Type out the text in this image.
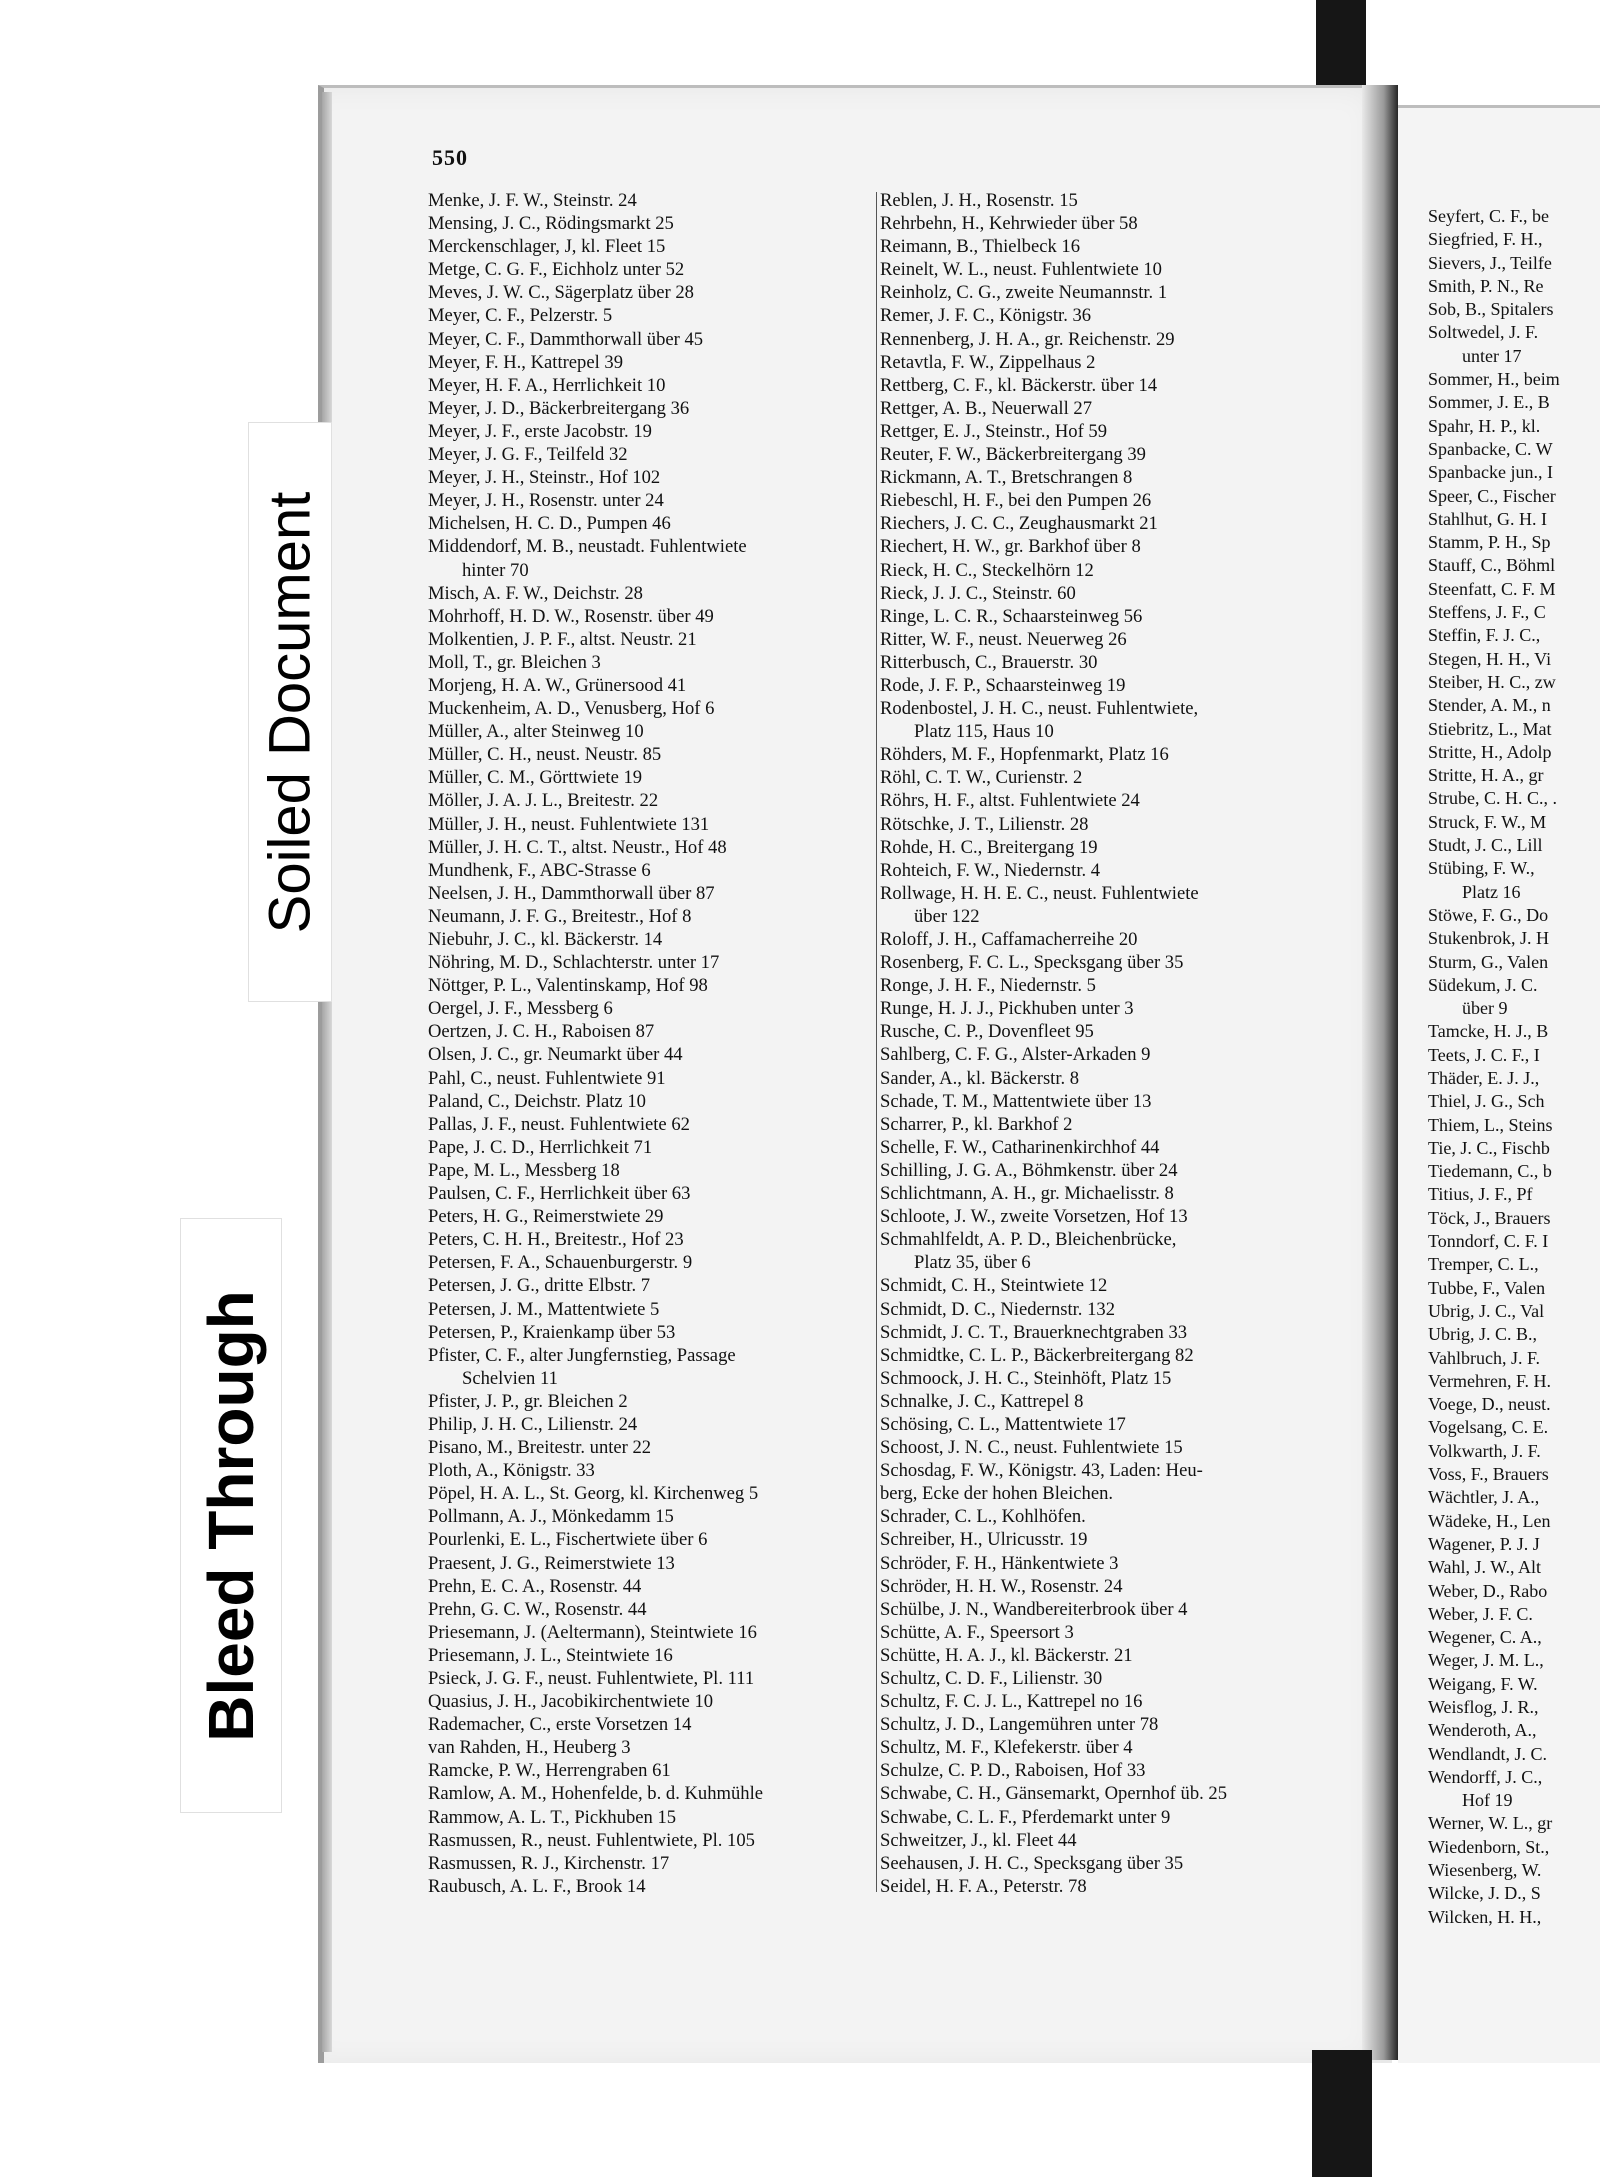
550
Menke, J. F. W., Steinstr. 24
Mensing, J. C., Rödingsmarkt 25
Merckenschlager, J, kl. Fleet 15
Metge, C. G. F., Eichholz unter 52
Meves, J. W. C., Sägerplatz über 28
Meyer, C. F., Pelzerstr. 5
Meyer, C. F., Dammthorwall über 45
Meyer, F. H., Kattrepel 39
Meyer, H. F. A., Herrlichkeit 10
Meyer, J. D., Bäckerbreitergang 36
Meyer, J. F., erste Jacobstr. 19
Meyer, J. G. F., Teilfeld 32
Meyer, J. H., Steinstr., Hof 102
Meyer, J. H., Rosenstr. unter 24
Michelsen, H. C. D., Pumpen 46
Middendorf, M. B., neustadt. Fuhlentwiete
hinter 70
Misch, A. F. W., Deichstr. 28
Mohrhoff, H. D. W., Rosenstr. über 49
Molkentien, J. P. F., altst. Neustr. 21
Moll, T., gr. Bleichen 3
Morjeng, H. A. W., Grünersood 41
Muckenheim, A. D., Venusberg, Hof 6
Müller, A., alter Steinweg 10
Müller, C. H., neust. Neustr. 85
Müller, C. M., Görttwiete 19
Möller, J. A. J. L., Breitestr. 22
Müller, J. H., neust. Fuhlentwiete 131
Müller, J. H. C. T., altst. Neustr., Hof 48
Mundhenk, F., ABC-Strasse 6
Neelsen, J. H., Dammthorwall über 87
Neumann, J. F. G., Breitestr., Hof 8
Niebuhr, J. C., kl. Bäckerstr. 14
Nöhring, M. D., Schlachterstr. unter 17
Nöttger, P. L., Valentinskamp, Hof 98
Oergel, J. F., Messberg 6
Oertzen, J. C. H., Raboisen 87
Olsen, J. C., gr. Neumarkt über 44
Pahl, C., neust. Fuhlentwiete 91
Paland, C., Deichstr. Platz 10
Pallas, J. F., neust. Fuhlentwiete 62
Pape, J. C. D., Herrlichkeit 71
Pape, M. L., Messberg 18
Paulsen, C. F., Herrlichkeit über 63
Peters, H. G., Reimerstwiete 29
Peters, C. H. H., Breitestr., Hof 23
Petersen, F. A., Schauenburgerstr. 9
Petersen, J. G., dritte Elbstr. 7
Petersen, J. M., Mattentwiete 5
Petersen, P., Kraienkamp über 53
Pfister, C. F., alter Jungfernstieg, Passage
Schelvien 11
Pfister, J. P., gr. Bleichen 2
Philip, J. H. C., Lilienstr. 24
Pisano, M., Breitestr. unter 22
Ploth, A., Königstr. 33
Pöpel, H. A. L., St. Georg, kl. Kirchenweg 5
Pollmann, A. J., Mönkedamm 15
Pourlenki, E. L., Fischertwiete über 6
Praesent, J. G., Reimerstwiete 13
Prehn, E. C. A., Rosenstr. 44
Prehn, G. C. W., Rosenstr. 44
Priesemann, J. (Aeltermann), Steintwiete 16
Priesemann, J. L., Steintwiete 16
Psieck, J. G. F., neust. Fuhlentwiete, Pl. 111
Quasius, J. H., Jacobikirchentwiete 10
Rademacher, C., erste Vorsetzen 14
van Rahden, H., Heuberg 3
Ramcke, P. W., Herrengraben 61
Ramlow, A. M., Hohenfelde, b. d. Kuhmühle
Rammow, A. L. T., Pickhuben 15
Rasmussen, R., neust. Fuhlentwiete, Pl. 105
Rasmussen, R. J., Kirchenstr. 17
Raubusch, A. L. F., Brook 14
Reblen, J. H., Rosenstr. 15
Rehrbehn, H., Kehrwieder über 58
Reimann, B., Thielbeck 16
Reinelt, W. L., neust. Fuhlentwiete 10
Reinholz, C. G., zweite Neumannstr. 1
Remer, J. F. C., Königstr. 36
Rennenberg, J. H. A., gr. Reichenstr. 29
Retavtla, F. W., Zippelhaus 2
Rettberg, C. F., kl. Bäckerstr. über 14
Rettger, A. B., Neuerwall 27
Rettger, E. J., Steinstr., Hof 59
Reuter, F. W., Bäckerbreitergang 39
Rickmann, A. T., Bretschrangen 8
Riebeschl, H. F., bei den Pumpen 26
Riechers, J. C. C., Zeughausmarkt 21
Riechert, H. W., gr. Barkhof über 8
Rieck, H. C., Steckelhörn 12
Rieck, J. J. C., Steinstr. 60
Ringe, L. C. R., Schaarsteinweg 56
Ritter, W. F., neust. Neuerweg 26
Ritterbusch, C., Brauerstr. 30
Rode, J. F. P., Schaarsteinweg 19
Rodenbostel, J. H. C., neust. Fuhlentwiete,
Platz 115, Haus 10
Röhders, M. F., Hopfenmarkt, Platz 16
Röhl, C. T. W., Curienstr. 2
Röhrs, H. F., altst. Fuhlentwiete 24
Rötschke, J. T., Lilienstr. 28
Rohde, H. C., Breitergang 19
Rohteich, F. W., Niedernstr. 4
Rollwage, H. H. E. C., neust. Fuhlentwiete
über 122
Roloff, J. H., Caffamacherreihe 20
Rosenberg, F. C. L., Specksgang über 35
Ronge, J. H. F., Niedernstr. 5
Runge, H. J. J., Pickhuben unter 3
Rusche, C. P., Dovenfleet 95
Sahlberg, C. F. G., Alster-Arkaden 9
Sander, A., kl. Bäckerstr. 8
Schade, T. M., Mattentwiete über 13
Scharrer, P., kl. Barkhof 2
Schelle, F. W., Catharinenkirchhof 44
Schilling, J. G. A., Böhmkenstr. über 24
Schlichtmann, A. H., gr. Michaelisstr. 8
Schloote, J. W., zweite Vorsetzen, Hof 13
Schmahlfeldt, A. P. D., Bleichenbrücke,
Platz 35, über 6
Schmidt, C. H., Steintwiete 12
Schmidt, D. C., Niedernstr. 132
Schmidt, J. C. T., Brauerknechtgraben 33
Schmidtke, C. L. P., Bäckerbreitergang 82
Schmoock, J. H. C., Steinhöft, Platz 15
Schnalke, J. C., Kattrepel 8
Schösing, C. L., Mattentwiete 17
Schoost, J. N. C., neust. Fuhlentwiete 15
Schosdag, F. W., Königstr. 43, Laden: Heu-
berg, Ecke der hohen Bleichen.
Schrader, C. L., Kohlhöfen.
Schreiber, H., Ulricusstr. 19
Schröder, F. H., Hänkentwiete 3
Schröder, H. H. W., Rosenstr. 24
Schülbe, J. N., Wandbereiterbrook über 4
Schütte, A. F., Speersort 3
Schütte, H. A. J., kl. Bäckerstr. 21
Schultz, C. D. F., Lilienstr. 30
Schultz, F. C. J. L., Kattrepel no 16
Schultz, J. D., Langemühren unter 78
Schultz, M. F., Klefekerstr. über 4
Schulze, C. P. D., Raboisen, Hof 33
Schwabe, C. H., Gänsemarkt, Opernhof üb. 25
Schwabe, C. L. F., Pferdemarkt unter 9
Schweitzer, J., kl. Fleet 44
Seehausen, J. H. C., Specksgang über 35
Seidel, H. F. A., Peterstr. 78
Seyfert, C. F., be
Siegfried, F. H.,
Sievers, J., Teilfe
Smith, P. N., Re
Sob, B., Spitalers
Soltwedel, J. F.
unter 17
Sommer, H., beim
Sommer, J. E., B
Spahr, H. P., kl.
Spanbacke, C. W
Spanbacke jun., I
Speer, C., Fischer
Stahlhut, G. H. I
Stamm, P. H., Sp
Stauff, C., Böhml
Steenfatt, C. F. M
Steffens, J. F., C
Steffin, F. J. C.,
Stegen, H. H., Vi
Steiber, H. C., zw
Stender, A. M., n
Stiebritz, L., Mat
Stritte, H., Adolp
Stritte, H. A., gr
Strube, C. H. C., .
Struck, F. W., M
Studt, J. C., Lill
Stübing, F. W.,
Platz 16
Stöwe, F. G., Do
Stukenbrok, J. H
Sturm, G., Valen
Südekum, J. C.
über 9
Tamcke, H. J., B
Teets, J. C. F., I
Thäder, E. J. J.,
Thiel, J. G., Sch
Thiem, L., Steins
Tie, J. C., Fischb
Tiedemann, C., b
Titius, J. F., Pf
Töck, J., Brauers
Tonndorf, C. F. I
Tremper, C. L.,
Tubbe, F., Valen
Ubrig, J. C., Val
Ubrig, J. C. B.,
Vahlbruch, J. F.
Vermehren, F. H.
Voege, D., neust.
Vogelsang, C. E.
Volkwarth, J. F.
Voss, F., Brauers
Wächtler, J. A.,
Wädeke, H., Len
Wagener, P. J. J
Wahl, J. W., Alt
Weber, D., Rabo
Weber, J. F. C.
Wegener, C. A.,
Weger, J. M. L.,
Weigang, F. W.
Weisflog, J. R.,
Wenderoth, A.,
Wendlandt, J. C.
Wendorff, J. C.,
Hof 19
Werner, W. L., gr
Wiedenborn, St.,
Wiesenberg, W.
Wilcke, J. D., S
Wilcken, H. H.,
Soiled Document
Bleed Through
